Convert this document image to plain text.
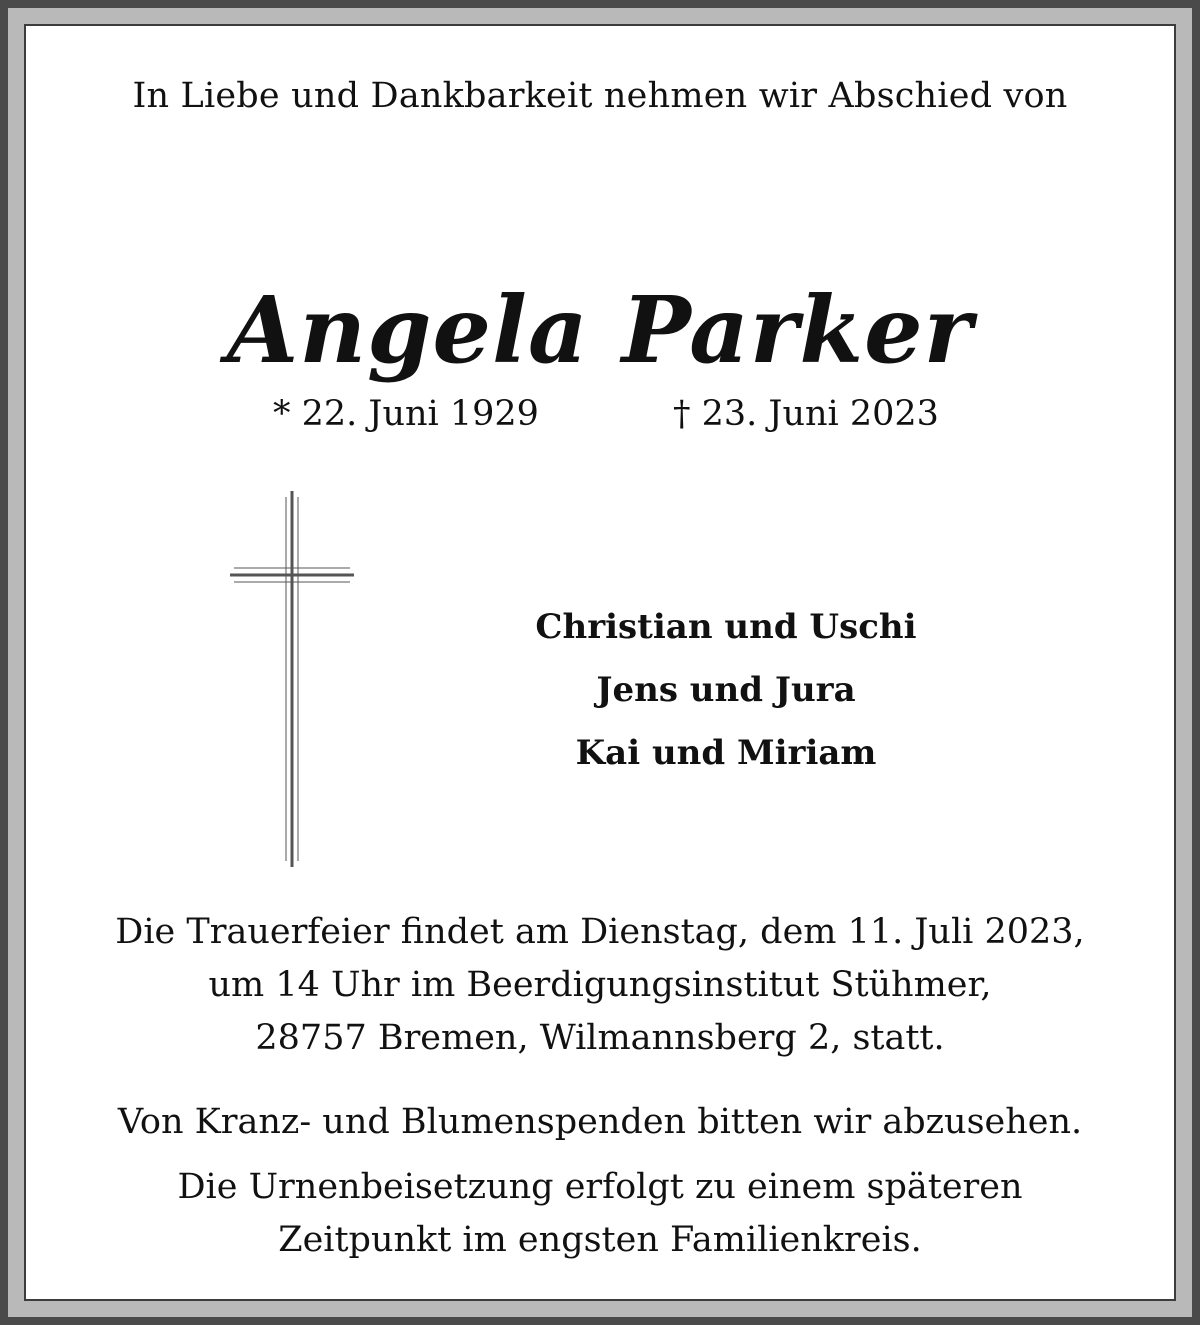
In Liebe und Dankbarkeit nehmen wir Abschied von
Angela Parker
* 22. Juni 1929	† 23. Juni 2023
Christian und Uschi
Jens und Jura
Kai und Miriam
Die Trauerfeier findet am Dienstag, dem 11. Juli 2023,
um 14 Uhr im Beerdigungsinstitut Stühmer,
28757 Bremen, Wilmannsberg 2, statt.
Von Kranz- und Blumenspenden bitten wir abzusehen.
Die Urnenbeisetzung erfolgt zu einem späteren
Zeitpunkt im engsten Familienkreis.
